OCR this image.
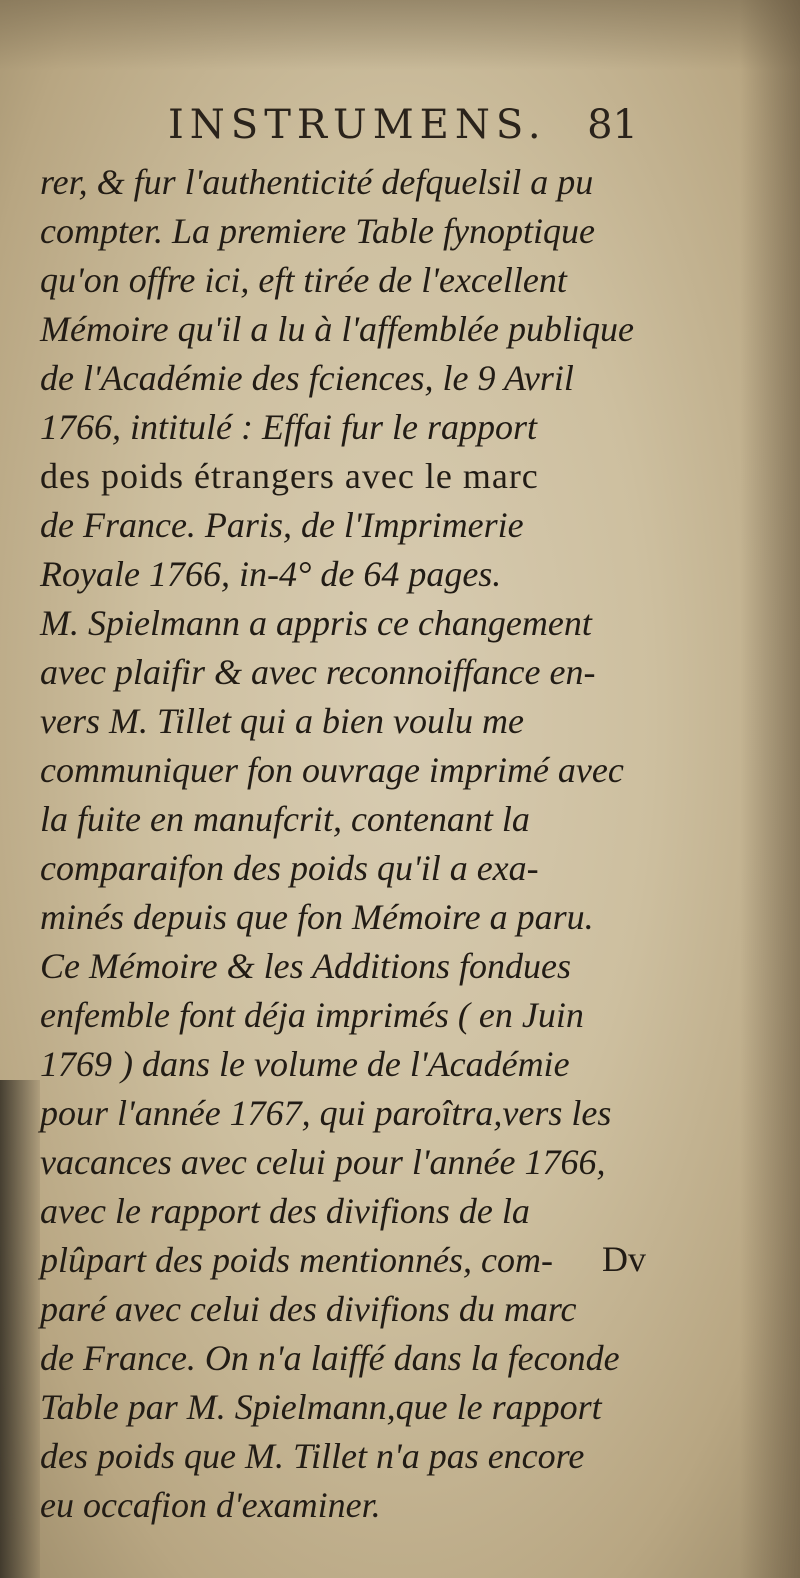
INSTRUMENS. 81
rer, & fur l'authenticité defquelsil a pu
compter. La premiere Table fynoptique
qu'on offre ici, eft tirée de l'excellent
Mémoire qu'il a lu à l'affemblée publique
de l'Académie des fciences, le 9 Avril
1766, intitulé : Effai fur le rapport
des poids étrangers avec le marc
de France. Paris, de l'Imprimerie
Royale 1766, in-4° de 64 pages.
M. Spielmann a appris ce changement
avec plaifir & avec reconnoiffance en-
vers M. Tillet qui a bien voulu me
communiquer fon ouvrage imprimé avec
la fuite en manufcrit, contenant la
comparaifon des poids qu'il a exa-
minés depuis que fon Mémoire a paru.
Ce Mémoire & les Additions fondues
enfemble font déja imprimés ( en Juin
1769 ) dans le volume de l'Académie
pour l'année 1767, qui paroîtra,vers les
vacances avec celui pour l'année 1766,
avec le rapport des divifions de la
plûpart des poids mentionnés, com-
paré avec celui des divifions du marc
de France. On n'a laiffé dans la feconde
Table par M. Spielmann,que le rapport
des poids que M. Tillet n'a pas encore
eu occafion d'examiner.
Dv
